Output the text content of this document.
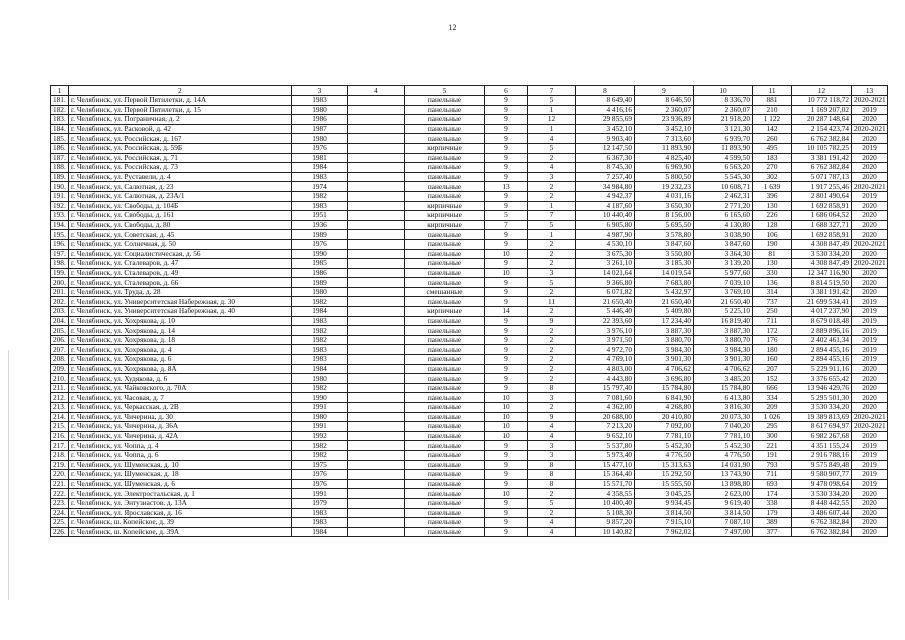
12
1	2	3	4	5	6	7	8	9	10	11	12	13
181.	г. Челябинск, ул. Первой Пятилетки, д. 14А	1983		панельные	9	5	8 649,40	8 646,50	8 336,70	881	10 772 118,72	2020-2021
182.	г. Челябинск, ул. Первой Пятилетки, д. 15	1980		панельные	9	1	4 416,16	2 360,07	2 360,07	210	1 169 207,02	2019
183.	г. Челябинск, ул. Пограничная, д. 2	1986		панельные	9	12	29 855,69	23 936,89	21 918,20	1 122	20 287 148,64	2020
184.	г. Челябинск, ул. Расковой, д. 42	1987		панельные	9	1	3 452,10	3 452,10	3 121,30	142	2 154 423,74	2020-2021
185.	г. Челябинск, ул. Российская, д. 167	1980		панельные	9	4	9 903,40	7 313,60	6 939,70	260	6 762 382,84	2020
186.	г. Челябинск, ул. Российская, д. 59Б	1976		кирпичные	9	5	12 147,50	11 893,90	11 893,90	495	10 105 782,25	2019
187.	г. Челябинск, ул. Российская, д. 71	1981		панельные	9	2	6 367,30	4 825,40	4 599,50	183	3 381 191,42	2020
188.	г. Челябинск, ул. Российская, д. 73	1984		панельные	9	4	8 745,30	6 969,90	6 563,20	270	6 762 382,84	2020
189.	г. Челябинск, ул. Руставели, д. 4	1983		панельные	9	3	7 257,40	5 800,50	5 545,30	302	5 071 787,13	2020
190.	г. Челябинск, ул. Салютная, д. 23	1974		панельные	13	2	34 984,80	19 232,23	10 608,71	1 639	1 917 255,46	2020-2021
191.	г. Челябинск, ул. Салютная, д. 23А/1	1982		панельные	9	2	4 942,37	4 031,16	2 462,31	396	2 801 490,64	2019
192.	г. Челябинск, ул. Свободы, д. 104Б	1983		кирпичные	9	1	4 187,60	3 650,30	2 771,20	130	1 692 858,91	2020
193.	г. Челябинск, ул. Свободы, д. 161	1951		кирпичные	5	7	10 440,40	8 156,00	6 165,60	226	1 686 064,52	2020
194.	г. Челябинск, ул. Свободы, д. 80	1936		кирпичные	7	5	6 905,80	5 695,50	4 130,80	128	1 688 327,71	2020
195.	г. Челябинск, ул. Советская, д. 45	1989		панельные	9	1	4 987,90	3 578,80	3 038,90	106	1 692 858,91	2020
196.	г. Челябинск, ул. Солнечная, д. 50	1976		панельные	9	2	4 530,10	3 847,60	3 847,60	190	4 308 847,49	2020-2021
197.	г. Челябинск, ул. Социалистическая, д. 56	1990		панельные	10	2	3 675,30	3 550,80	3 364,30	81	3 530 334,20	2020
198.	г. Челябинск, ул. Сталеваров, д. 47	1985		панельные	9	2	3 261,10	3 185,30	3 139,20	130	4 308 847,49	2020-2021
199.	г. Челябинск, ул. Сталеваров, д. 49	1986		панельные	10	3	14 021,64	14 019,54	5 977,60	330	12 347 116,90	2020
200.	г. Челябинск, ул. Сталеваров, д. 66	1989		панельные	9	5	9 366,80	7 683,80	7 039,10	136	8 814 519,50	2020
201.	г. Челябинск, ул. Труда, д. 28	1980		смешанные	9	2	6 071,82	5 432,97	3 769,10	314	3 381 191,42	2020
202.	г. Челябинск, ул. Университетская Набережная, д. 30	1982		панельные	9	11	21 650,40	21 650,40	21 650,40	737	21 699 534,41	2019
203.	г. Челябинск, ул. Университетская Набережная, д. 40	1984		кирпичные	14	2	5 446,40	5 409,80	5 225,10	250	4 017 237,90	2019
204.	г. Челябинск, ул. Хохрякова, д. 10	1983		панельные	9	9	22 393,60	17 234,40	16 819,40	711	8 679 018,48	2019
205.	г. Челябинск, ул. Хохрякова, д. 14	1982		панельные	9	2	3 976,10	3 887,30	3 887,30	172	2 889 896,16	2019
206.	г. Челябинск, ул. Хохрякова, д. 18	1982		панельные	9	2	3 971,50	3 880,70	3 880,70	176	2 402 461,34	2019
207.	г. Челябинск, ул. Хохрякова, д. 4	1983		панельные	9	2	4 972,70	3 984,30	3 984,30	180	2 894 455,16	2019
208.	г. Челябинск, ул. Хохрякова, д. 6	1983		панельные	9	2	4 769,10	3 901,30	3 901,30	160	2 894 455,16	2019
209.	г. Челябинск, ул. Хохрякова, д. 8А	1984		панельные	9	2	4 803,00	4 706,62	4 706,62	207	5 229 911,16	2020
210.	г. Челябинск, ул. Худякова, д. 6	1980		панельные	9	2	4 443,80	3 696,80	3 485,20	152	3 376 655,42	2020
211.	г. Челябинск, ул. Чайковского, д. 70А	1982		панельные	9	8	15 797,40	15 784,80	15 784,80	666	13 946 429,76	2020
212.	г. Челябинск, ул. Часовая, д. 7	1990		панельные	10	3	7 081,60	6 841,90	6 413,80	334	5 295 501,30	2020
213.	г. Челябинск, ул. Черкасская, д. 2В	1991		панельные	10	2	4 362,00	4 268,80	3 816,30	209	3 530 334,20	2020
214.	г. Челябинск, ул. Чичерина, д. 30	1980		панельные	10	9	20 688,00	20 410,80	20 073,30	1 026	19 389 813,69	2020-2021
215.	г. Челябинск, ул. Чичерина, д. 36А	1991		панельные	10	4	7 213,20	7 092,00	7 040,20	295	8 617 694,97	2020-2021
216.	г. Челябинск, ул. Чичерина, д. 42А	1992		панельные	10	4	9 652,10	7 781,10	7 781,10	300	6 982 267,68	2020
217.	г. Челябинск, ул. Чоппа, д. 4	1982		панельные	9	3	5 537,80	5 452,30	5 452,30	221	4 351 155,24	2019
218.	г. Челябинск, ул. Чоппа, д. 6	1982		панельные	9	3	5 973,40	4 776,50	4 776,50	191	2 916 788,16	2019
219.	г. Челябинск, ул. Шуменская, д. 10	1975		панельные	9	8	15 477,10	15 313,63	14 031,90	793	9 575 849,48	2019
220.	г. Челябинск, ул. Шуменская, д. 18	1976		панельные	9	8	15 364,40	15 292,50	13 743,90	711	9 580 907,77	2019
221.	г. Челябинск, ул. Шуменская, д. 6	1976		панельные	9	8	15 571,70	15 555,50	13 898,80	693	9 478 098,64	2019
222.	г. Челябинск, ул. Электростальская, д. 1	1991		панельные	10	2	4 358,55	3 045,25	2 623,00	174	3 530 334,20	2020
223.	г. Челябинск, ул. Энтузиастов, д. 13А	1979		панельные	9	5	10 400,40	9 934,45	9 619,40	338	8 448 442,55	2020
224.	г. Челябинск, ул. Ярославская, д. 16	1983		панельные	9	2	5 108,30	3 814,50	3 814,50	179	3 486 607,44	2020
225.	г. Челябинск, ш. Копейское, д. 39	1983		панельные	9	4	9 857,20	7 915,10	7 087,10	389	6 762 382,84	2020
226.	г. Челябинск, ш. Копейское, д. 39А	1984		панельные	9	4	10 140,82	7 962,02	7 497,00	377	6 762 382,84	2020
